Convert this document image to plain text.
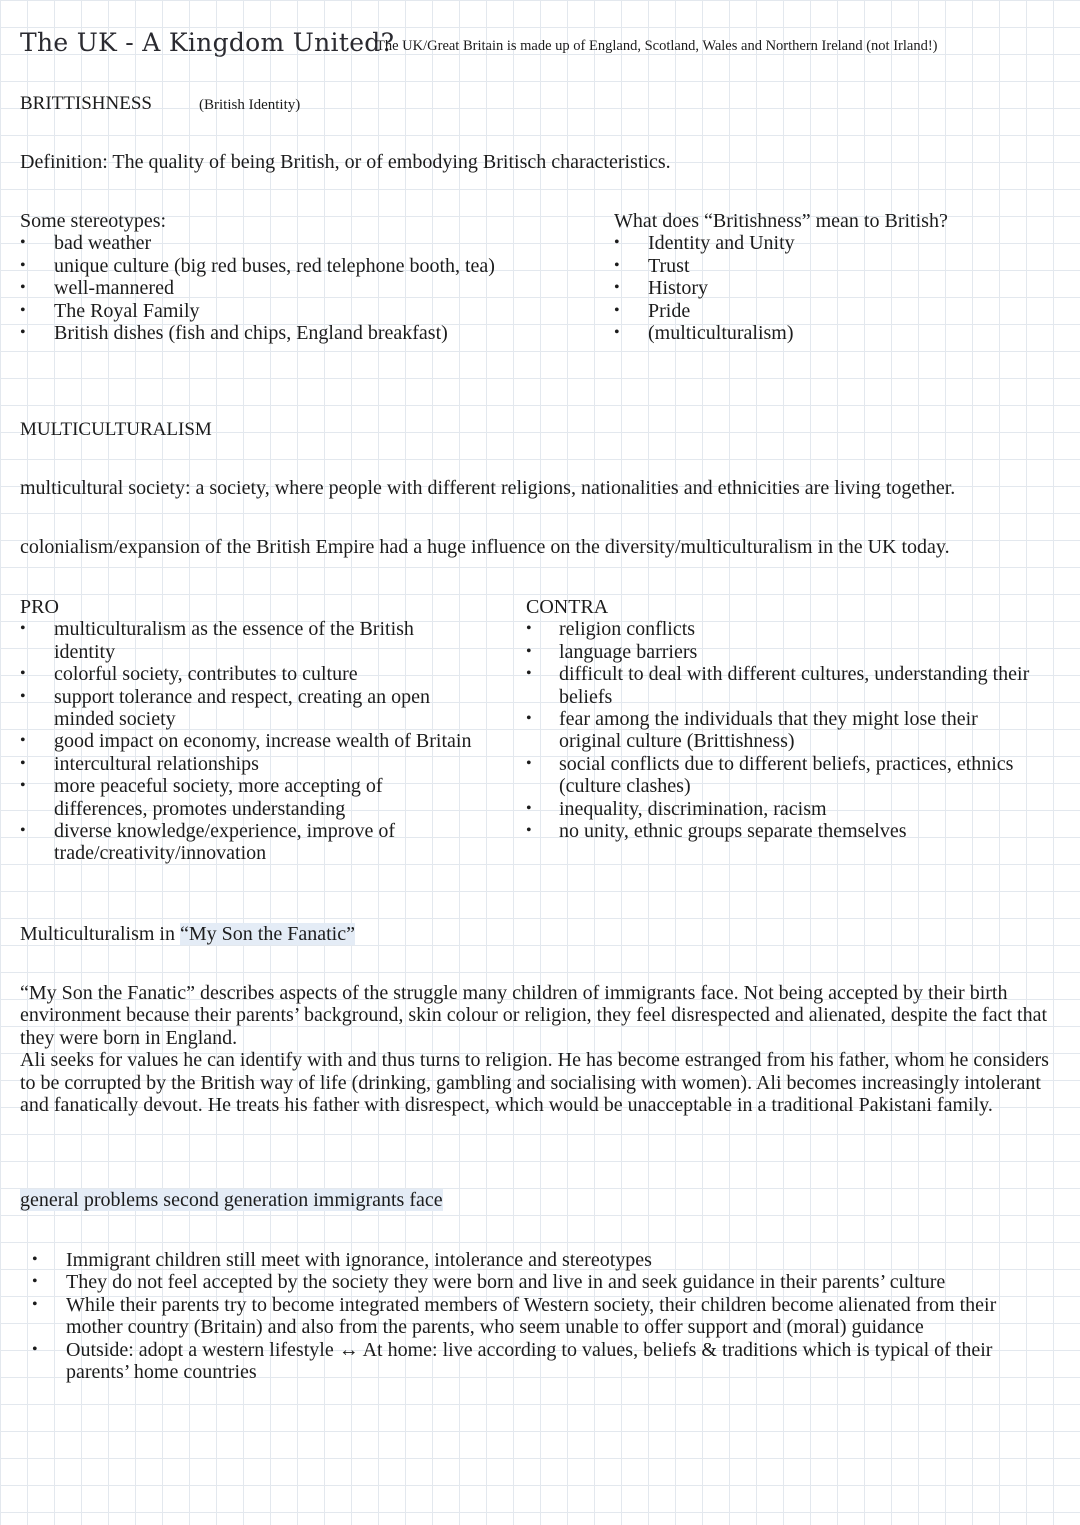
The UK - A Kingdom United?
The UK/Great Britain is made up of England, Scotland, Wales and Northern Ireland (not Irland!)
BRITTISHNESS	(British Identity)
Definition: The quality of being British, or of embodying Britisch characteristics.
Some stereotypes:
• bad weather
• unique culture (big red buses, red telephone booth, tea)
• well-mannered
• The Royal Family
• British dishes (fish and chips, England breakfast)
What does “Britishness” mean to British?
• Identity and Unity
• Trust
• History
• Pride
• (multiculturalism)
MULTICULTURALISM
multicultural society: a society, where people with different religions, nationalities and ethnicities are living together.
colonialism/expansion of the British Empire had a huge influence on the diversity/multiculturalism in the UK today.
PRO
• multiculturalism as the essence of the British identity
• colorful society, contributes to culture
• support tolerance and respect, creating an open minded society
• good impact on economy, increase wealth of Britain
• intercultural relationships
• more peaceful society, more accepting of differences, promotes understanding
• diverse knowledge/experience, improve of trade/creativity/innovation
CONTRA
• religion conflicts
• language barriers
• difficult to deal with different cultures, understanding their beliefs
• fear among the individuals that they might lose their original culture (Brittishness)
• social conflicts due to different beliefs, practices, ethnics (culture clashes)
• inequality, discrimination, racism
• no unity, ethnic groups separate themselves
Multiculturalism in “My Son the Fanatic”
“My Son the Fanatic” describes aspects of the struggle many children of immigrants face. Not being accepted by their birth environment because their parents’ background, skin colour or religion, they feel disrespected and alienated, despite the fact that they were born in England.
Ali seeks for values he can identify with and thus turns to religion. He has become estranged from his father, whom he considers to be corrupted by the British way of life (drinking, gambling and socialising with women). Ali becomes increasingly intolerant and fanatically devout. He treats his father with disrespect, which would be unacceptable in a traditional Pakistani family.
general problems second generation immigrants face
• Immigrant children still meet with ignorance, intolerance and stereotypes
• They do not feel accepted by the society they were born and live in and seek guidance in their parents’ culture
• While their parents try to become integrated members of Western society, their children become alienated from their mother country (Britain) and also from the parents, who seem unable to offer support and (moral) guidance
• Outside: adopt a western lifestyle ↔ At home: live according to values, beliefs & traditions which is typical of their parents’ home countries
